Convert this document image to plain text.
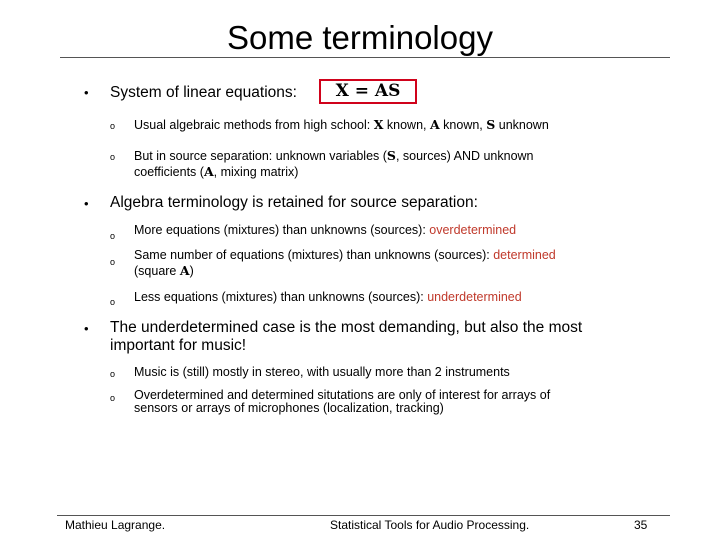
Some terminology
• System of linear equations:	X = AS
o Usual algebraic methods from high school: X known, A known, S unknown
o But in source separation: unknown variables (S, sources) AND unknown
coefficients (A, mixing matrix)
• Algebra terminology is retained for source separation:
o More equations (mixtures) than unknowns (sources): overdetermined
o Same number of equations (mixtures) than unknowns (sources): determined
(square A)
o Less equations (mixtures) than unknowns (sources): underdetermined
• The underdetermined case is the most demanding, but also the most
important for music!
o Music is (still) mostly in stereo, with usually more than 2 instruments
o Overdetermined and determined situtations are only of interest for arrays of
sensors or arrays of microphones (localization, tracking)
Mathieu Lagrange.	Statistical Tools for Audio Processing.	35
